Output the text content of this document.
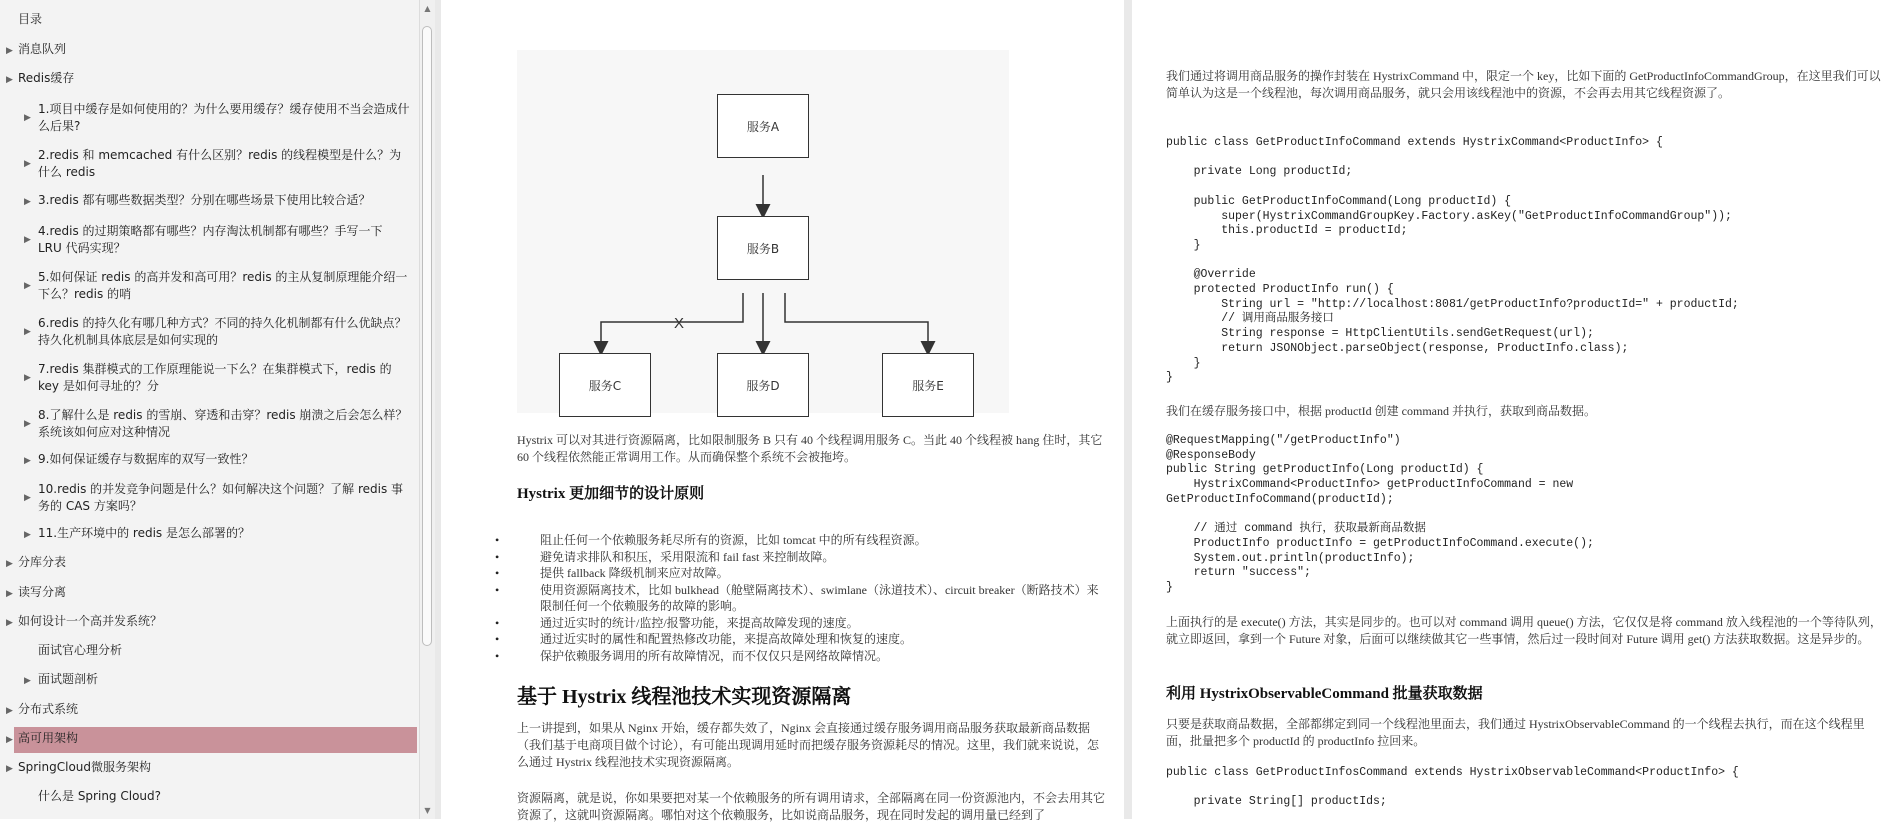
目录
▶ 消息队列
▶ Redis缓存
▶
1.项目中缓存是如何使用的？为什么要用缓存？缓存使用不当会造成什么后果?
▶
2.redis 和 memcached 有什么区别？redis 的线程模型是什么？为什么 redis
▶ 3.redis 都有哪些数据类型？分别在哪些场景下使用比较合适？
▶
4.redis 的过期策略都有哪些？内存淘汰机制都有哪些？手写一下 LRU 代码实现？
▶
5.如何保证 redis 的高并发和高可用？redis 的主从复制原理能介绍一下么？redis 的哨
▶
6.redis 的持久化有哪几种方式？不同的持久化机制都有什么优缺点？持久化机制具体底层是如何实现的
▶
7.redis 集群模式的工作原理能说一下么？在集群模式下，redis 的 key 是如何寻址的？分
▶
8.了解什么是 redis 的雪崩、穿透和击穿？redis 崩溃之后会怎么样？系统该如何应对这种情况
▶ 9.如何保证缓存与数据库的双写一致性？
▶
10.redis 的并发竞争问题是什么？如何解决这个问题？了解 redis 事务的 CAS 方案吗？
▶ 11.生产环境中的 redis 是怎么部署的？
▶ 分库分表
▶ 读写分离
▶ 如何设计一个高并发系统？
面试官心理分析
▶ 面试题剖析
▶ 分布式系统
▶ 高可用架构
▶ SpringCloud微服务架构
什么是 Spring Cloud?
▲
▼
X
服务A
服务B
服务C	服务D	服务E
Hystrix 可以对其进行资源隔离，比如限制服务 B 只有 40 个线程调用服务 C。当此 40 个线程被 hang 住时，其它 60 个线程依然能正常调用工作。从而确保整个系统不会被拖垮。
Hystrix 更加细节的设计原则
• 阻止任何一个依赖服务耗尽所有的资源，比如 tomcat 中的所有线程资源。
• 避免请求排队和积压，采用限流和 fail fast 来控制故障。
• 提供 fallback 降级机制来应对故障。
• 使用资源隔离技术，比如 bulkhead（舱壁隔离技术）、swimlane（泳道技术）、circuit breaker（断路技术）来限制任何一个依赖服务的故障的影响。
• 通过近实时的统计/监控/报警功能，来提高故障发现的速度。
• 通过近实时的属性和配置热修改功能，来提高故障处理和恢复的速度。
• 保护依赖服务调用的所有故障情况，而不仅仅只是网络故障情况。
基于 Hystrix 线程池技术实现资源隔离
上一讲提到，如果从 Nginx 开始，缓存都失效了，Nginx 会直接通过缓存服务调用商品服务获取最新商品数据（我们基于电商项目做个讨论），有可能出现调用延时而把缓存服务资源耗尽的情况。这里，我们就来说说，怎么通过 Hystrix 线程池技术实现资源隔离。
资源隔离，就是说，你如果要把对某一个依赖服务的所有调用请求，全部隔离在同一份资源池内，不会去用其它资源了，这就叫资源隔离。哪怕对这个依赖服务，比如说商品服务，现在同时发起的调用量已经到了
我们通过将调用商品服务的操作封装在 HystrixCommand 中，限定一个 key，比如下面的 GetProductInfoCommandGroup，在这里我们可以简单认为这是一个线程池，每次调用商品服务，就只会用该线程池中的资源，不会再去用其它线程资源了。
public class GetProductInfoCommand extends HystrixCommand<ProductInfo> {

private Long productId;

public GetProductInfoCommand(Long productId) {
super(HystrixCommandGroupKey.Factory.asKey("GetProductInfoCommandGroup"));
this.productId = productId;
}

@Override
protected ProductInfo run() {
String url = "http://localhost:8081/getProductInfo?productId=" + productId;
// 调用商品服务接口
String response = HttpClientUtils.sendGetRequest(url);
return JSONObject.parseObject(response, ProductInfo.class);
}
}
我们在缓存服务接口中，根据 productId 创建 command 并执行，获取到商品数据。
@RequestMapping("/getProductInfo")
@ResponseBody
public String getProductInfo(Long productId) {
HystrixCommand<ProductInfo> getProductInfoCommand = new
GetProductInfoCommand(productId);

// 通过 command 执行，获取最新商品数据
ProductInfo productInfo = getProductInfoCommand.execute();
System.out.println(productInfo);
return "success";
}
上面执行的是 execute() 方法，其实是同步的。也可以对 command 调用 queue() 方法，它仅仅是将 command 放入线程池的一个等待队列，就立即返回，拿到一个 Future 对象，后面可以继续做其它一些事情，然后过一段时间对 Future 调用 get() 方法获取数据。这是异步的。
利用 HystrixObservableCommand 批量获取数据
只要是获取商品数据，全部都绑定到同一个线程池里面去，我们通过 HystrixObservableCommand 的一个线程去执行，而在这个线程里面，批量把多个 productId 的 productInfo 拉回来。
public class GetProductInfosCommand extends HystrixObservableCommand<ProductInfo> {

private String[] productIds;
